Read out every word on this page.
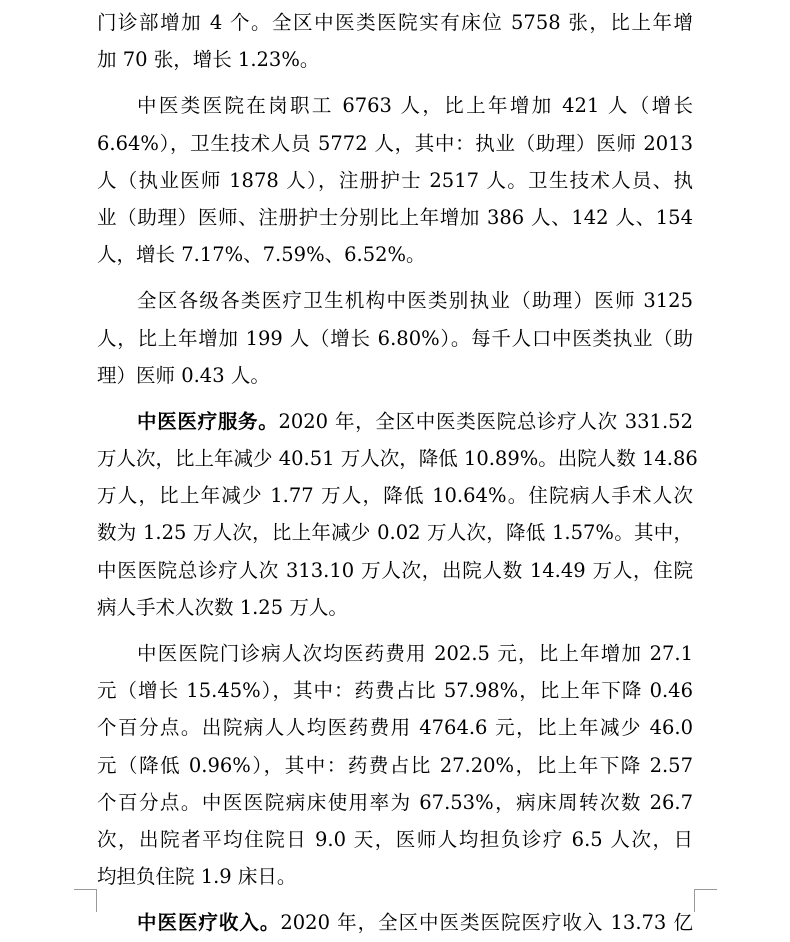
门诊部增加 4 个。全区中医类医院实有床位 5758 张，比上年增
加 70 张，增长 1.23%。
中医类医院在岗职工 6763 人，比上年增加 421 人（增长
6.64%），卫生技术人员 5772 人，其中：执业（助理）医师 2013
人（执业医师 1878 人），注册护士 2517 人。卫生技术人员、执
业（助理）医师、注册护士分别比上年增加 386 人、142 人、154
人，增长 7.17%、7.59%、6.52%。
全区各级各类医疗卫生机构中医类别执业（助理）医师 3125
人，比上年增加 199 人（增长 6.80%）。每千人口中医类执业（助
理）医师 0.43 人。
中医医疗服务。2020 年，全区中医类医院总诊疗人次 331.52
万人次，比上年减少 40.51 万人次，降低 10.89%。出院人数 14.86
万人，比上年减少 1.77 万人，降低 10.64%。住院病人手术人次
数为 1.25 万人次，比上年减少 0.02 万人次，降低 1.57%。其中，
中医医院总诊疗人次 313.10 万人次，出院人数 14.49 万人，住院
病人手术人次数 1.25 万人。
中医医院门诊病人次均医药费用 202.5 元，比上年增加 27.1
元（增长 15.45%），其中：药费占比 57.98%，比上年下降 0.46
个百分点。出院病人人均医药费用 4764.6 元，比上年减少 46.0
元（降低 0.96%），其中：药费占比 27.20%，比上年下降 2.57
个百分点。中医医院病床使用率为 67.53%，病床周转次数 26.7
次，出院者平均住院日 9.0 天，医师人均担负诊疗 6.5 人次，日
均担负住院 1.9 床日。
中医医疗收入。2020 年，全区中医类医院医疗收入 13.73 亿
